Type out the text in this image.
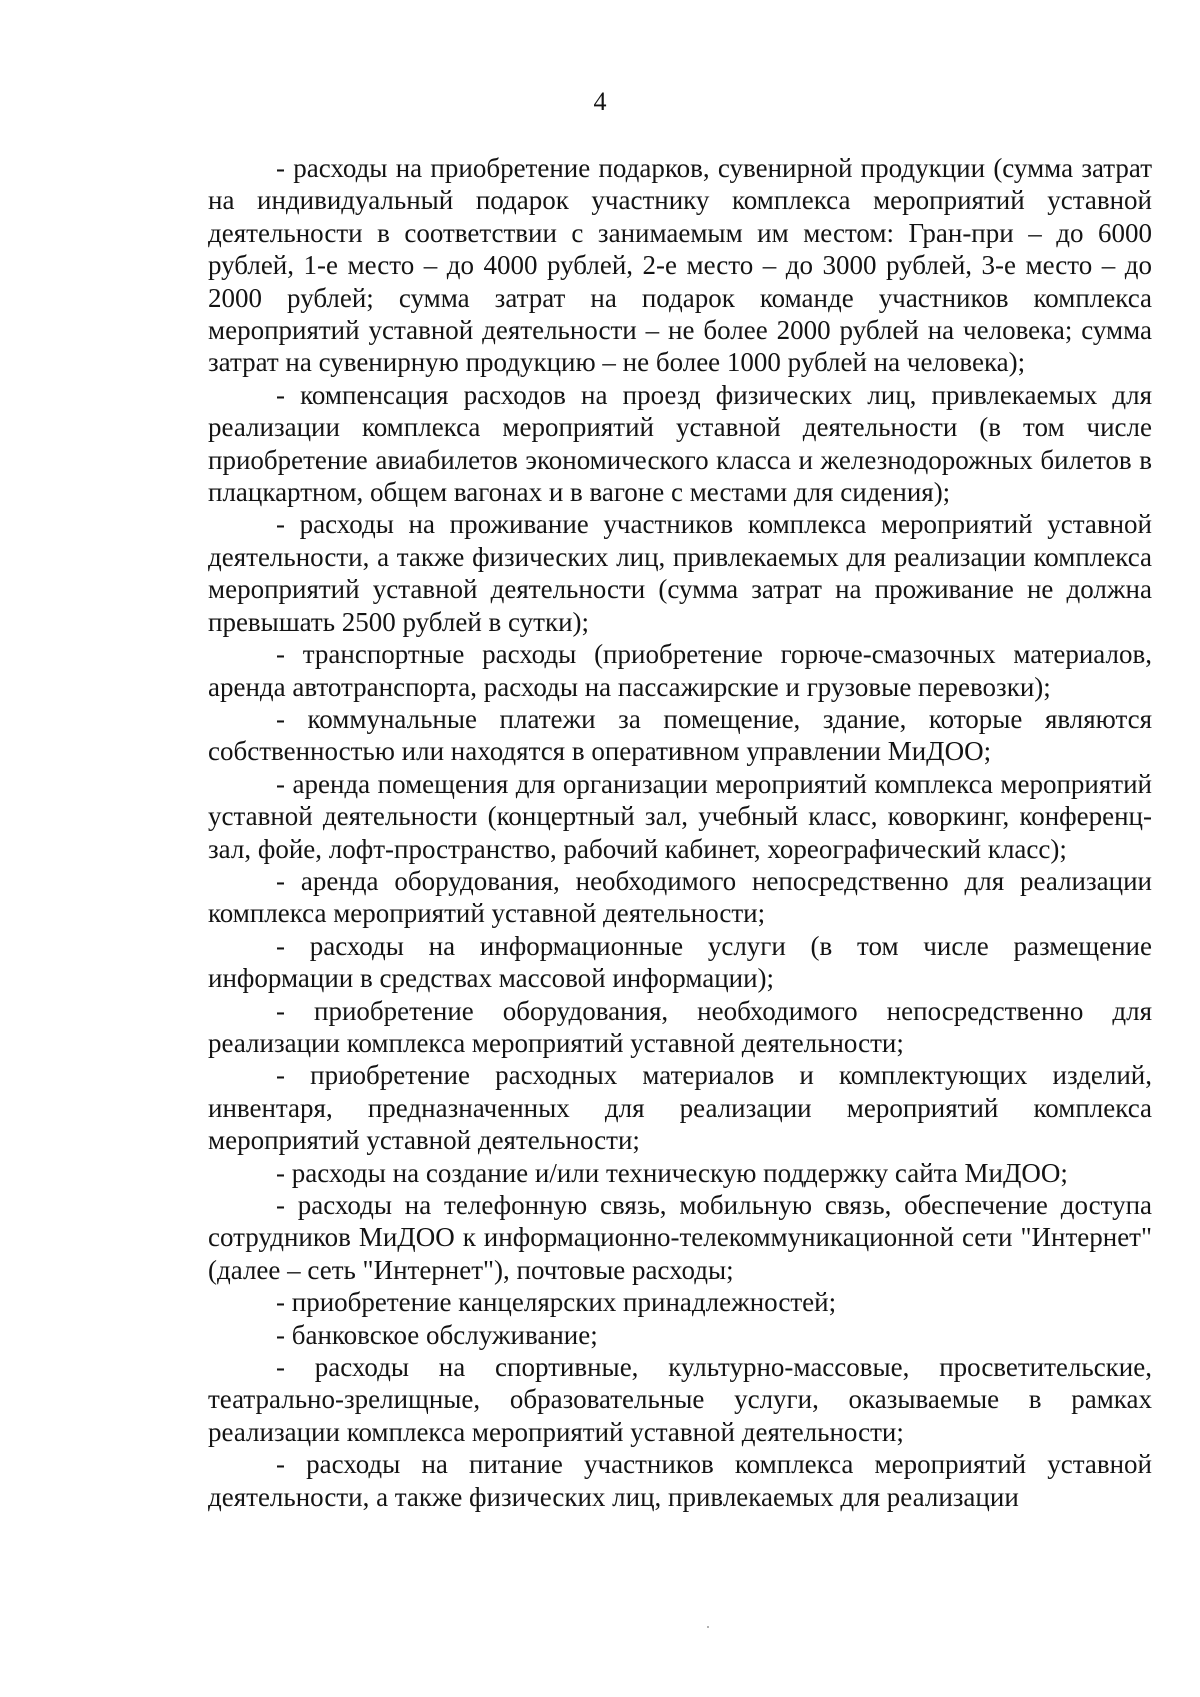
4

- расходы на приобретение подарков, сувенирной продукции (сумма затрат на индивидуальный подарок участнику комплекса мероприятий уставной деятельности в соответствии с занимаемым им местом: Гран-при – до 6000 рублей, 1-е место – до 4000 рублей, 2-е место – до 3000 рублей, 3-е место – до 2000 рублей; сумма затрат на подарок команде участников комплекса мероприятий уставной деятельности – не более 2000 рублей на человека; сумма затрат на сувенирную продукцию – не более 1000 рублей на человека);

- компенсация расходов на проезд физических лиц, привлекаемых для реализации комплекса мероприятий уставной деятельности (в том числе приобретение авиабилетов экономического класса и железнодорожных билетов в плацкартном, общем вагонах и в вагоне с местами для сидения);

- расходы на проживание участников комплекса мероприятий уставной деятельности, а также физических лиц, привлекаемых для реализации комплекса мероприятий уставной деятельности (сумма затрат на проживание не должна превышать 2500 рублей в сутки);

- транспортные расходы (приобретение горюче-смазочных материалов, аренда автотранспорта, расходы на пассажирские и грузовые перевозки);

- коммунальные платежи за помещение, здание, которые являются собственностью или находятся в оперативном управлении МиДОО;

- аренда помещения для организации мероприятий комплекса мероприятий уставной деятельности (концертный зал, учебный класс, коворкинг, конференц-зал, фойе, лофт-пространство, рабочий кабинет, хореографический класс);

- аренда оборудования, необходимого непосредственно для реализации комплекса мероприятий уставной деятельности;

- расходы на информационные услуги (в том числе размещение информации в средствах массовой информации);

- приобретение оборудования, необходимого непосредственно для реализации комплекса мероприятий уставной деятельности;

- приобретение расходных материалов и комплектующих изделий, инвентаря, предназначенных для реализации мероприятий комплекса мероприятий уставной деятельности;

- расходы на создание и/или техническую поддержку сайта МиДОО;

- расходы на телефонную связь, мобильную связь, обеспечение доступа сотрудников МиДОО к информационно-телекоммуникационной сети "Интернет" (далее – сеть "Интернет"), почтовые расходы;

- приобретение канцелярских принадлежностей;

- банковское обслуживание;

- расходы на спортивные, культурно-массовые, просветительские, театрально-зрелищные, образовательные услуги, оказываемые в рамках реализации комплекса мероприятий уставной деятельности;

- расходы на питание участников комплекса мероприятий уставной деятельности, а также физических лиц, привлекаемых для реализации
